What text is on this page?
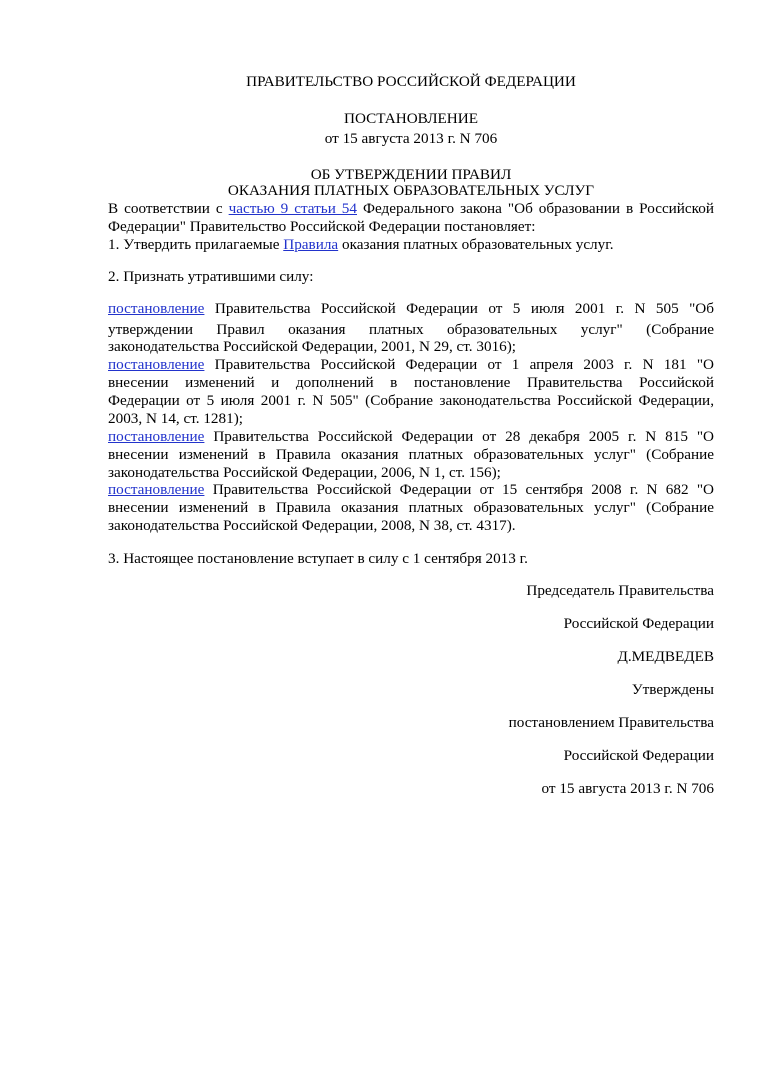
ПРАВИТЕЛЬСТВО РОССИЙСКОЙ ФЕДЕРАЦИИ
ПОСТАНОВЛЕНИЕ
от 15 августа 2013 г. N 706
ОБ УТВЕРЖДЕНИИ ПРАВИЛ
ОКАЗАНИЯ ПЛАТНЫХ ОБРАЗОВАТЕЛЬНЫХ УСЛУГ
В соответствии с частью 9 статьи 54 Федерального закона "Об образовании в Российской
Федерации" Правительство Российской Федерации постановляет:
1. Утвердить прилагаемые Правила оказания платных образовательных услуг.
2. Признать утратившими силу:
постановление Правительства Российской Федерации от 5 июля 2001 г. N 505 "Об
утверждении Правил оказания платных образовательных услуг" (Собрание
законодательства Российской Федерации, 2001, N 29, ст. 3016);
постановление Правительства Российской Федерации от 1 апреля 2003 г. N 181 "О
внесении изменений и дополнений в постановление Правительства Российской
Федерации от 5 июля 2001 г. N 505" (Собрание законодательства Российской Федерации,
2003, N 14, ст. 1281);
постановление Правительства Российской Федерации от 28 декабря 2005 г. N 815 "О
внесении изменений в Правила оказания платных образовательных услуг" (Собрание
законодательства Российской Федерации, 2006, N 1, ст. 156);
постановление Правительства Российской Федерации от 15 сентября 2008 г. N 682 "О
внесении изменений в Правила оказания платных образовательных услуг" (Собрание
законодательства Российской Федерации, 2008, N 38, ст. 4317).
3. Настоящее постановление вступает в силу с 1 сентября 2013 г.
Председатель Правительства
Российской Федерации
Д.МЕДВЕДЕВ
Утверждены
постановлением Правительства
Российской Федерации
от 15 августа 2013 г. N 706
